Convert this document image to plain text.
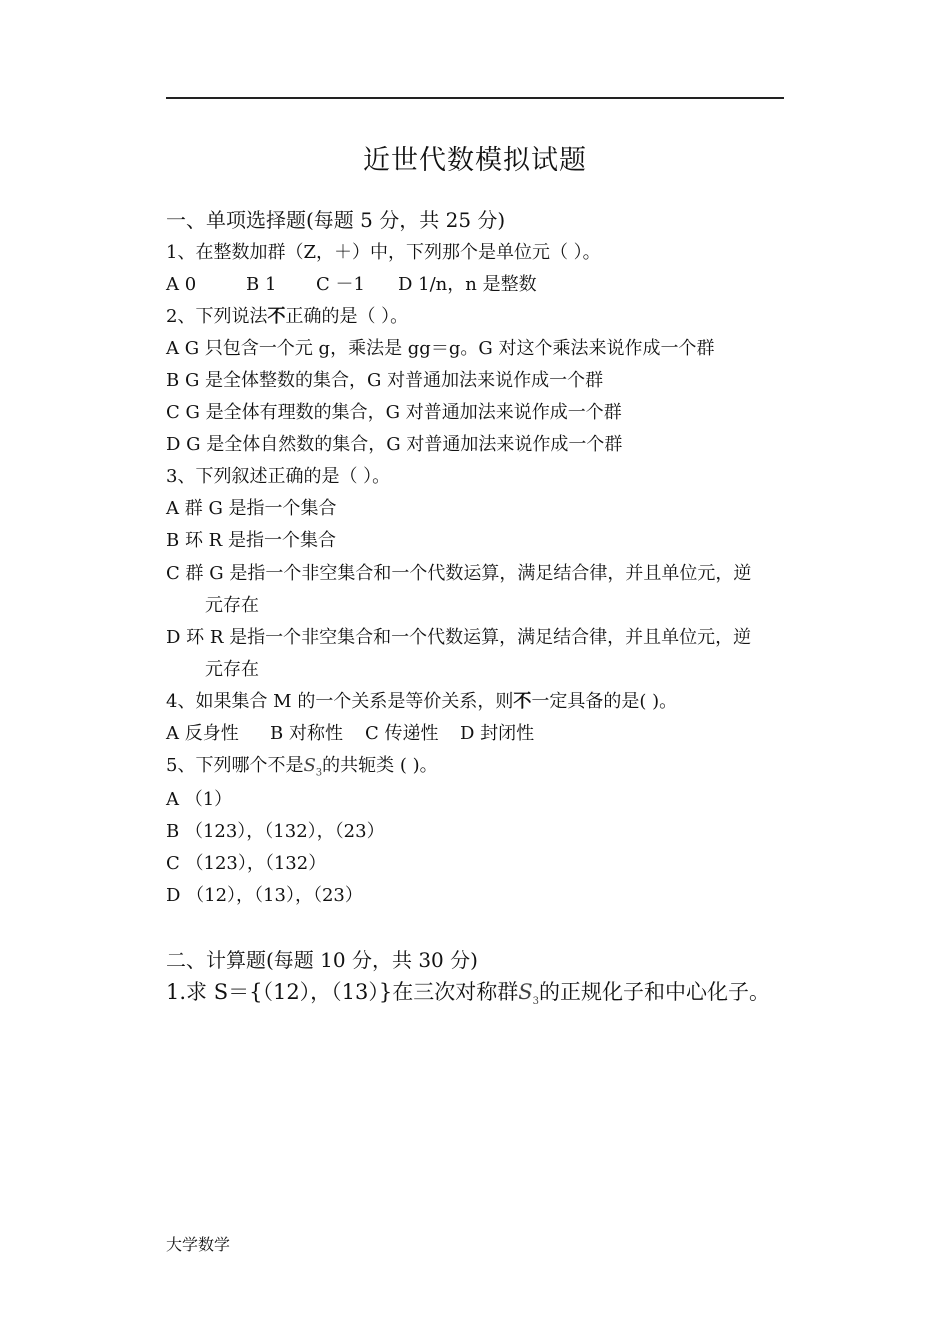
近世代数模拟试题
一、单项选择题(每题 5 分，共 25 分)
1、在整数加群（Z，＋）中，下列那个是单位元（ ）。
A 0	B 1 C －1 D 1/n，n 是整数
2、下列说法不正确的是（ ）。
A G 只包含一个元 g，乘法是 gg＝g。G 对这个乘法来说作成一个群
B G 是全体整数的集合，G 对普通加法来说作成一个群
C G 是全体有理数的集合，G 对普通加法来说作成一个群
D G 是全体自然数的集合，G 对普通加法来说作成一个群
3、下列叙述正确的是（ ）。
A 群 G 是指一个集合
B 环 R 是指一个集合
C 群 G 是指一个非空集合和一个代数运算，满足结合律，并且单位元，逆
元存在
D 环 R 是指一个非空集合和一个代数运算，满足结合律，并且单位元，逆
元存在
4、如果集合 M 的一个关系是等价关系，则不一定具备的是( )。
A 反身性 B 对称性 C 传递性 D 封闭性
5、下列哪个不是$S_3$的共轭类 ( )。
A （1）
B （123），（132），（23）
C （123），（132）
D （12），（13），（23）
二、计算题(每题 10 分，共 30 分)
1.求 S＝{（12），（13）}在三次对称群$S_3$的正规化子和中心化子。
大学数学
